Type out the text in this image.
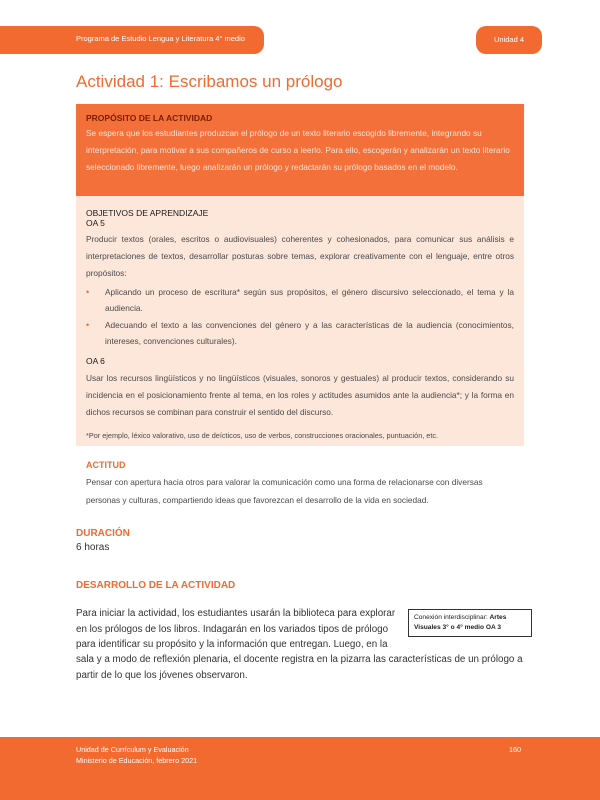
Programa de Estudio Lengua y Literatura 4° medio	Unidad 4
Actividad 1: Escribamos un prólogo
PROPÓSITO DE LA ACTIVIDAD

Se espera que los estudiantes produzcan el prólogo de un texto literario escogido libremente, integrando su interpretación, para motivar a sus compañeros de curso a leerlo. Para ello, escogerán y analizarán un texto literario seleccionado libremente, luego analizarán un prólogo y redactarán su prólogo basados en el modelo.

OBJETIVOS DE APRENDIZAJE
OA 5

Producir textos (orales, escritos o audiovisuales) coherentes y cohesionados, para comunicar sus análisis e interpretaciones de textos, desarrollar posturas sobre temas, explorar creativamente con el lenguaje, entre otros propósitos:

• Aplicando un proceso de escritura* según sus propósitos, el género discursivo seleccionado, el tema y la audiencia.
• Adecuando el texto a las convenciones del género y a las características de la audiencia (conocimientos, intereses, convenciones culturales).
OA 6

Usar los recursos lingüísticos y no lingüísticos (visuales, sonoros y gestuales) al producir textos, considerando su incidencia en el posicionamiento frente al tema, en los roles y actitudes asumidos ante la audiencia*; y la forma en dichos recursos se combinan para construir el sentido del discurso.

*Por ejemplo, léxico valorativo, uso de deícticos, uso de verbos, construcciones oracionales, puntuación, etc.

ACTITUD

Pensar con apertura hacia otros para valorar la comunicación como una forma de relacionarse con diversas personas y culturas, compartiendo ideas que favorezcan el desarrollo de la vida en sociedad.

DURACIÓN

6 horas

DESARROLLO DE LA ACTIVIDAD

Para iniciar la actividad, los estudiantes usarán la biblioteca para explorar en los prólogos de los libros. Indagarán en los variados tipos de prólogo para identificar su propósito y la información que entregan. Luego, en la

Conexión interdisciplinar: Artes Visuales 3° o 4° medio OA 3

sala y a modo de reflexión plenaria, el docente registra en la pizarra las características de un prólogo a partir de lo que los jóvenes observaron.

Unidad de Currículum y Evaluación
Ministerio de Educación, febrero 2021
160
